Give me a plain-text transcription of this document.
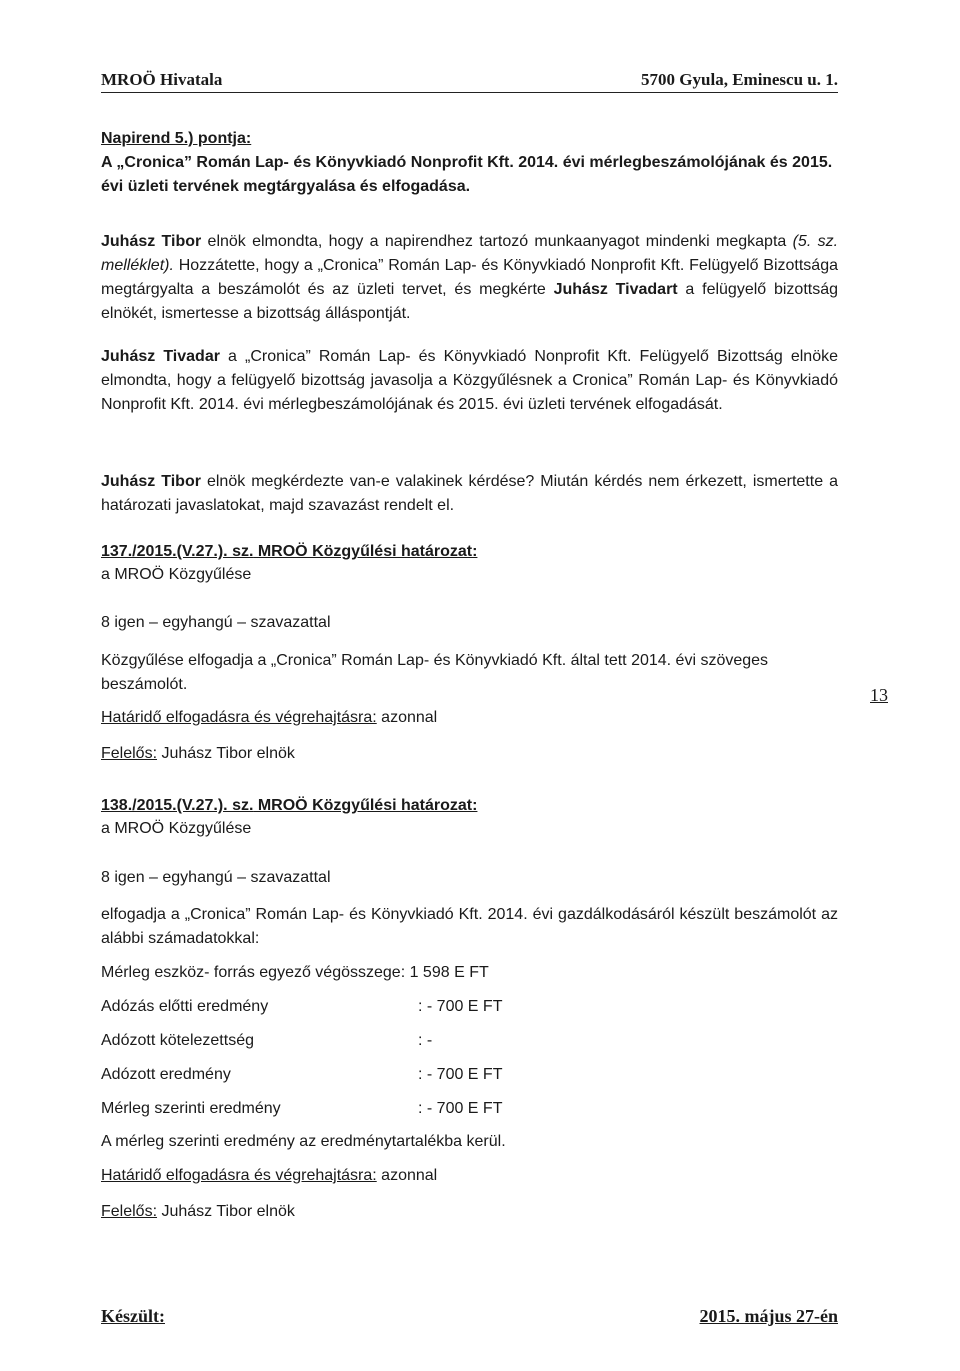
MROÖ Hivatala	5700 Gyula, Eminescu u. 1.
Napirend 5.) pontja:
A „Cronica” Román Lap- és Könyvkiadó Nonprofit Kft. 2014. évi mérlegbeszámolójának és 2015. évi üzleti tervének megtárgyalása és elfogadása.
Juhász Tibor elnök elmondta, hogy a napirendhez tartozó munkaanyagot mindenki megkapta (5. sz. melléklet). Hozzátette, hogy a „Cronica” Román Lap- és Könyvkiadó Nonprofit Kft. Felügyelő Bizottsága megtárgyalta a beszámolót és az üzleti tervet, és megkérte Juhász Tivadart a felügyelő bizottság elnökét, ismertesse a bizottság álláspontját.
Juhász Tivadar a „Cronica” Román Lap- és Könyvkiadó Nonprofit Kft. Felügyelő Bizottság elnöke elmondta, hogy a felügyelő bizottság javasolja a Közgyűlésnek a Cronica” Román Lap- és Könyvkiadó Nonprofit Kft. 2014. évi mérlegbeszámolójának és 2015. évi üzleti tervének elfogadását.
Juhász Tibor elnök megkérdezte van-e valakinek kérdése? Miután kérdés nem érkezett, ismertette a határozati javaslatokat, majd szavazást rendelt el.
137./2015.(V.27.). sz. MROÖ Közgyűlési határozat:
a MROÖ Közgyűlése
8 igen – egyhangú – szavazattal
Közgyűlése elfogadja a „Cronica” Román Lap- és Könyvkiadó Kft. által tett 2014. évi szöveges beszámolót.
Határidő elfogadásra és végrehajtásra: azonnal
Felelős: Juhász Tibor elnök
13
138./2015.(V.27.). sz. MROÖ Közgyűlési határozat:
a MROÖ Közgyűlése
8 igen – egyhangú – szavazattal
elfogadja a „Cronica” Román Lap- és Könyvkiadó Kft. 2014. évi gazdálkodásáról készült beszámolót az alábbi számadatokkal:
Mérleg eszköz- forrás egyező végösszege: 1 598 E FT
Adózás előtti eredmény	: - 700 E FT
Adózott kötelezettség	: -
Adózott eredmény	: - 700 E FT
Mérleg szerinti eredmény	: - 700 E FT
A mérleg szerinti eredmény az eredménytartalékba kerül.
Határidő elfogadásra és végrehajtásra: azonnal
Felelős: Juhász Tibor elnök
Készült:	2015. május 27-én
